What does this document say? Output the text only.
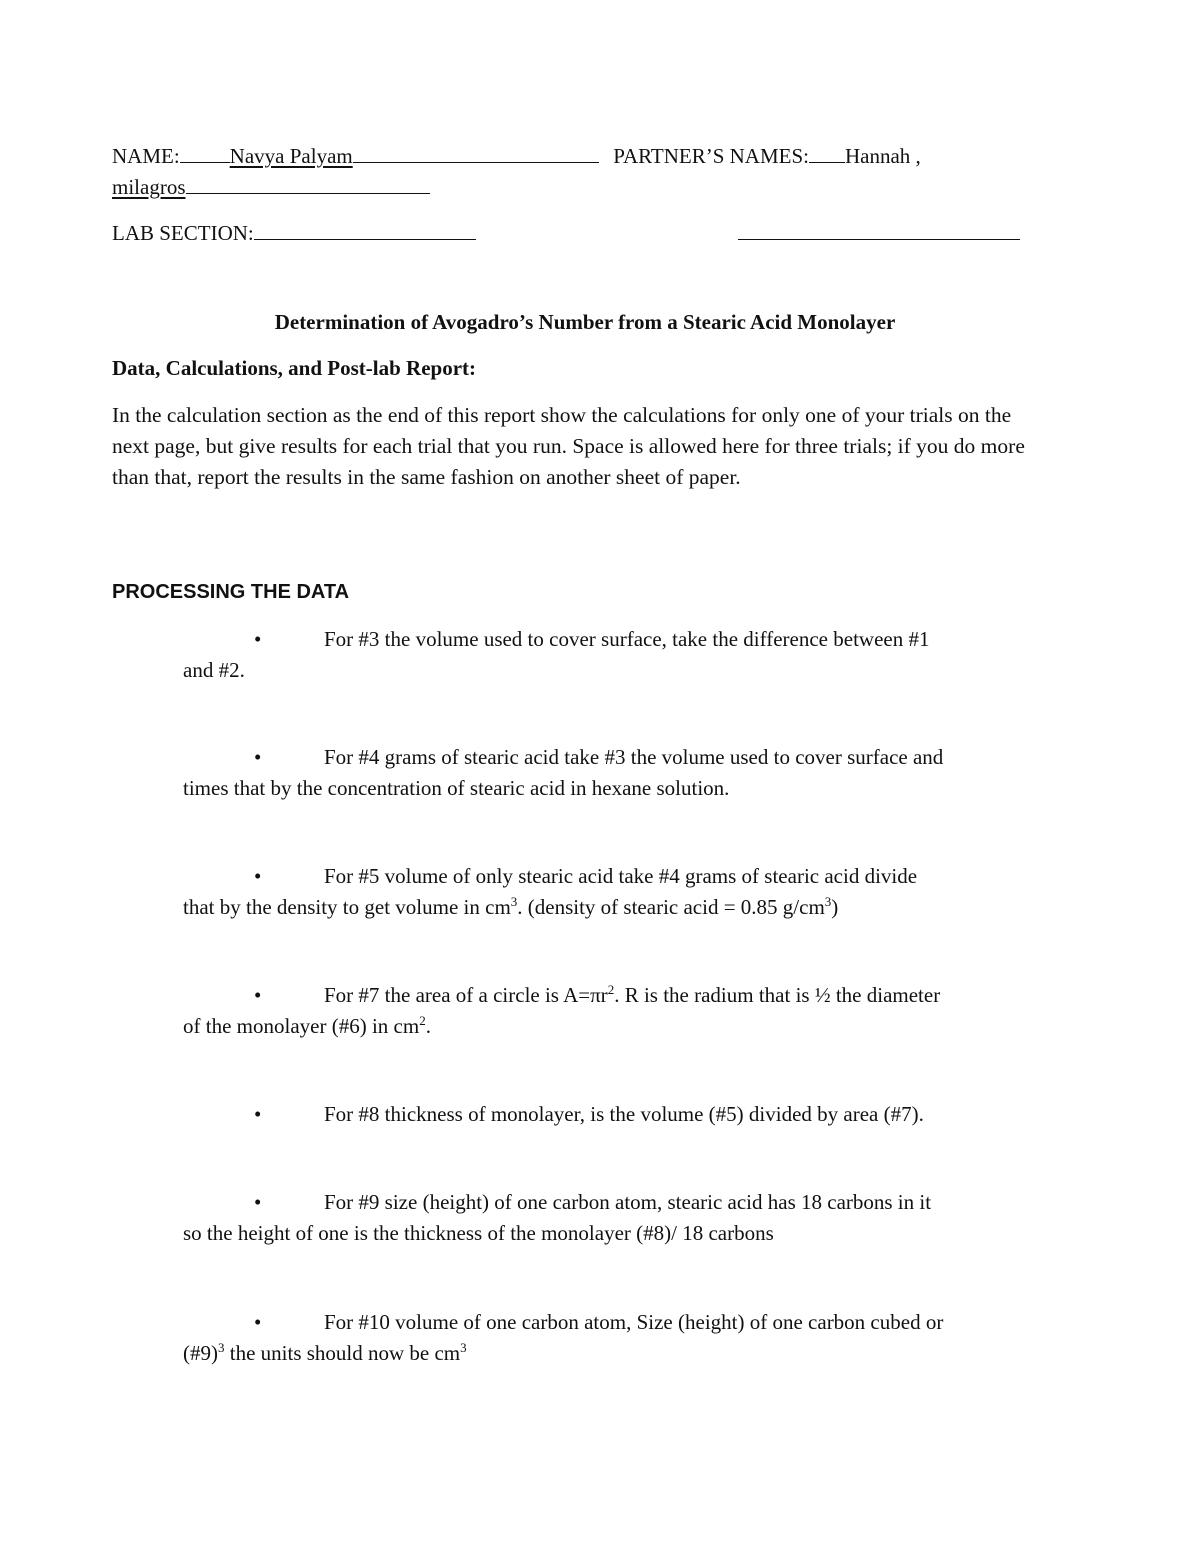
NAME: Navya Palyam	PARTNER’S NAMES: Hannah ,
milagros
LAB SECTION:
Determination of Avogadro’s Number from a Stearic Acid Monolayer
Data, Calculations, and Post-lab Report:
In the calculation section as the end of this report show the calculations for only one of your trials on the next page, but give results for each trial that you run. Space is allowed here for three trials; if you do more than that, report the results in the same fashion on another sheet of paper.
PROCESSING THE DATA
•	For #3 the volume used to cover surface, take the difference between #1
and #2.
•	For #4 grams of stearic acid take #3 the volume used to cover surface and
times that by the concentration of stearic acid in hexane solution.
•	For #5 volume of only stearic acid take #4 grams of stearic acid divide
that by the density to get volume in $cm^3$. (density of stearic acid = 0.85 $g/cm^3$)
•	For #7 the area of a circle is $A=\pi r^2$. R is the radium that is ½ the diameter
of the monolayer (#6) in $cm^2$.
•	For #8 thickness of monolayer, is the volume (#5) divided by area (#7).
•	For #9 size (height) of one carbon atom, stearic acid has 18 carbons in it
so the height of one is the thickness of the monolayer (#8)/ 18 carbons
•	For #10 volume of one carbon atom, Size (height) of one carbon cubed or
(#9)$^3$ the units should now be $cm^3$
